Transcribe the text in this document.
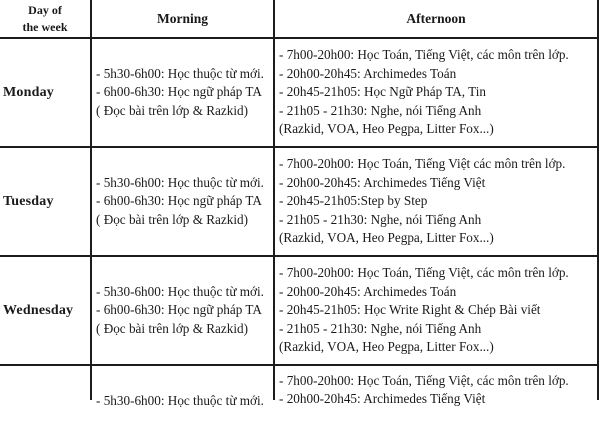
Day of
the week
Morning	Afternoon
Monday
- 5h30-6h00: Học thuộc từ mới.
- 6h00-6h30: Học ngữ pháp TA
( Đọc bài trên lớp & Razkid)
- 7h00-20h00: Học Toán, Tiếng Việt, các môn trên lớp.
- 20h00-20h45: Archimedes Toán
- 20h45-21h05: Học Ngữ Pháp TA, Tin
- 21h05 - 21h30: Nghe, nói Tiếng Anh
(Razkid, VOA, Heo Pegpa, Litter Fox...)
Tuesday
- 5h30-6h00: Học thuộc từ mới.
- 6h00-6h30: Học ngữ pháp TA
( Đọc bài trên lớp & Razkid)
- 7h00-20h00: Học Toán, Tiếng Việt các môn trên lớp.
- 20h00-20h45: Archimedes Tiếng Việt
- 20h45-21h05:Step by Step
- 21h05 - 21h30: Nghe, nói Tiếng Anh
(Razkid, VOA, Heo Pegpa, Litter Fox...)
Wednesday
- 5h30-6h00: Học thuộc từ mới.
- 6h00-6h30: Học ngữ pháp TA
( Đọc bài trên lớp & Razkid)
- 7h00-20h00: Học Toán, Tiếng Việt, các môn trên lớp.
- 20h00-20h45: Archimedes Toán
- 20h45-21h05: Học Write Right & Chép Bài viết
- 21h05 - 21h30: Nghe, nói Tiếng Anh
(Razkid, VOA, Heo Pegpa, Litter Fox...)
- 5h30-6h00: Học thuộc từ mới.
- 7h00-20h00: Học Toán, Tiếng Việt, các môn trên lớp.
- 20h00-20h45: Archimedes Tiếng Việt
